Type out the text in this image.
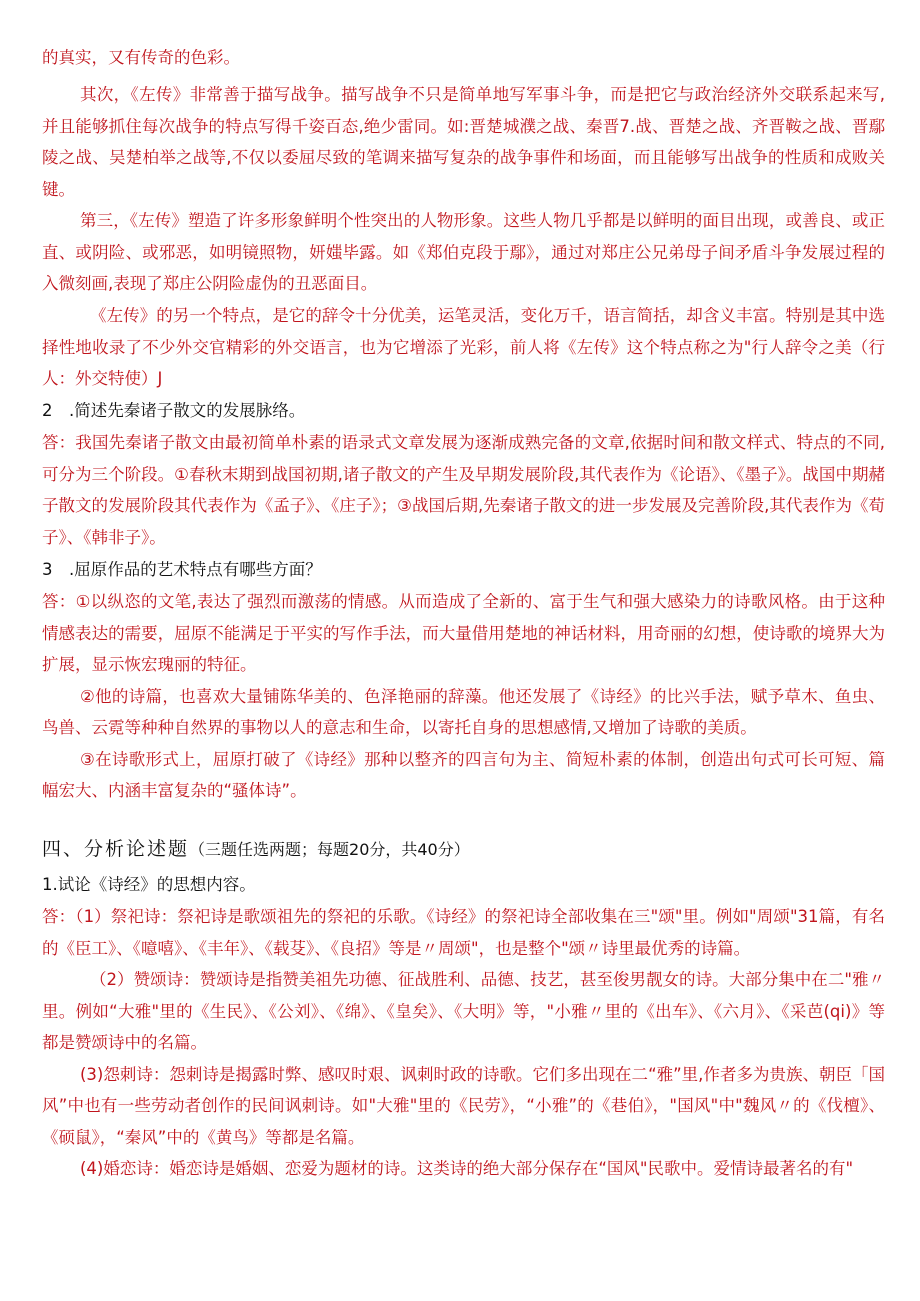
的真实，又有传奇的色彩。

其次，《左传》非常善于描写战争。描写战争不只是简单地写军事斗争，而是把它与政治经济外交联系起来写,并且能够抓住每次战争的特点写得千姿百态,绝少雷同。如:晋楚城濮之战、秦晋7.战、晋楚之战、齐晋鞍之战、晋鄢陵之战、吴楚柏举之战等,不仅以委屈尽致的笔调来描写复杂的战争事件和场面，而且能够写出战争的性质和成败关键。

第三，《左传》塑造了许多形象鲜明个性突出的人物形象。这些人物几乎都是以鲜明的面目出现，或善良、或正直、或阴险、或邪恶，如明镜照物，妍媸毕露。如《郑伯克段于鄢》，通过对郑庄公兄弟母子间矛盾斗争发展过程的入微刻画,表现了郑庄公阴险虚伪的丑恶面目。

《左传》的另一个特点，是它的辞令十分优美，运笔灵活，变化万千，语言简括，却含义丰富。特别是其中选择性地收录了不少外交官精彩的外交语言，也为它增添了光彩，前人将《左传》这个特点称之为"行人辞令之美（行人：外交特使）J

2　.简述先秦诸子散文的发展脉络。

答：我国先秦诸子散文由最初简单朴素的语录式文章发展为逐渐成熟完备的文章,依据时间和散文样式、特点的不同,可分为三个阶段。①春秋末期到战国初期,诸子散文的产生及早期发展阶段,其代表作为《论语》、《墨子》。战国中期赭子散文的发展阶段其代表作为《孟子》、《庄子》；③战国后期,先秦诸子散文的进一步发展及完善阶段,其代表作为《荀子》、《韩非子》。

3　.屈原作品的艺术特点有哪些方面？

答：①以纵恣的文笔,表达了强烈而激荡的情感。从而造成了全新的、富于生气和强大感染力的诗歌风格。由于这种情感表达的需要，屈原不能满足于平实的写作手法，而大量借用楚地的神话材料，用奇丽的幻想，使诗歌的境界大为扩展，显示恢宏瑰丽的特征。

②他的诗篇，也喜欢大量铺陈华美的、色泽艳丽的辞藻。他还发展了《诗经》的比兴手法，赋予草木、鱼虫、鸟兽、云霓等种种自然界的事物以人的意志和生命，以寄托自身的思想感情,又增加了诗歌的美质。

③在诗歌形式上，屈原打破了《诗经》那种以整齐的四言句为主、简短朴素的体制，创造出句式可长可短、篇幅宏大、内涵丰富复杂的“骚体诗”。

四、分析论述题（三题任选两题；每题20分，共40分）

1.试论《诗经》的思想内容。

答：（1）祭祀诗：祭祀诗是歌颂祖先的祭祀的乐歌。《诗经》的祭祀诗全部收集在三"颂"里。例如"周颂"31篇，有名的《臣工》、《噫嘻》、《丰年》、《载芟》、《良招》等是〃周颂"，也是整个"颂〃诗里最优秀的诗篇。

（2）赞颂诗：赞颂诗是指赞美祖先功德、征战胜利、品德、技艺，甚至俊男靓女的诗。大部分集中在二"雅〃里。例如“大雅"里的《生民》、《公刘》、《绵》、《皇矣》、《大明》等，"小雅〃里的《出车》、《六月》、《采芭(qi)》等都是赞颂诗中的名篇。

(3)怨刺诗：怨刺诗是揭露时弊、感叹时艰、讽刺时政的诗歌。它们多出现在二“雅”里,作者多为贵族、朝臣「国风”中也有一些劳动者创作的民间讽刺诗。如"大雅"里的《民劳》，“小雅”的《巷伯》，"国风"中"魏风〃的《伐檀》、《硕鼠》，“秦风”中的《黄鸟》等都是名篇。

(4)婚恋诗：婚恋诗是婚姻、恋爱为题材的诗。这类诗的绝大部分保存在“国风"民歌中。爱情诗最著名的有"
